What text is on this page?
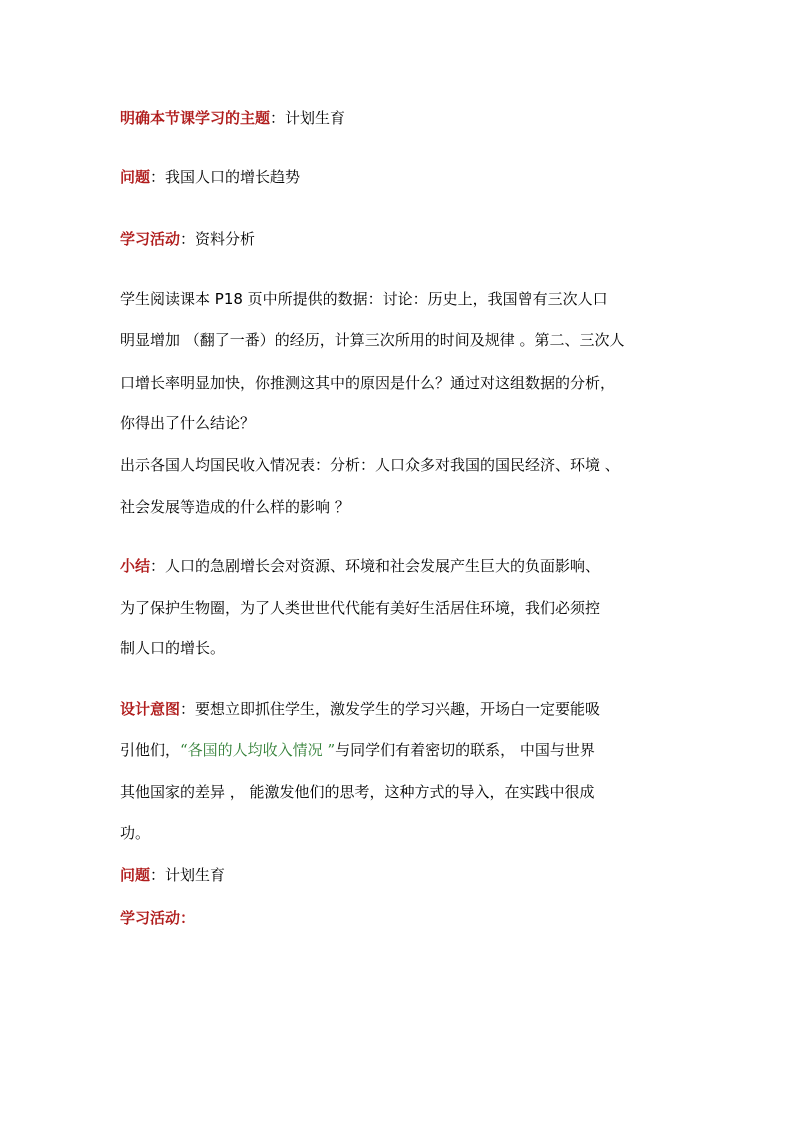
明确本节课学习的主题：计划生育
问题：我国人口的增长趋势
学习活动：资料分析
学生阅读课本 P18 页中所提供的数据：讨论：历史上，我国曾有三次人口
明显增加 （翻了一番）的经历，计算三次所用的时间及规律 。第二、三次人
口增长率明显加快，你推测这其中的原因是什么？通过对这组数据的分析，
你得出了什么结论？
出示各国人均国民收入情况表：分析：人口众多对我国的国民经济、环境 、
社会发展等造成的什么样的影响 ？
小结：人口的急剧增长会对资源、环境和社会发展产生巨大的负面影响、
为了保护生物圈，为了人类世世代代能有美好生活居住环境，我们必须控
制人口的增长。
设计意图：要想立即抓住学生，激发学生的学习兴趣，开场白一定要能吸
引他们，“各国的人均收入情况 ”与同学们有着密切的联系， 中国与世界
其他国家的差异 ， 能激发他们的思考，这种方式的导入，在实践中很成
功。
问题：计划生育
学习活动：
